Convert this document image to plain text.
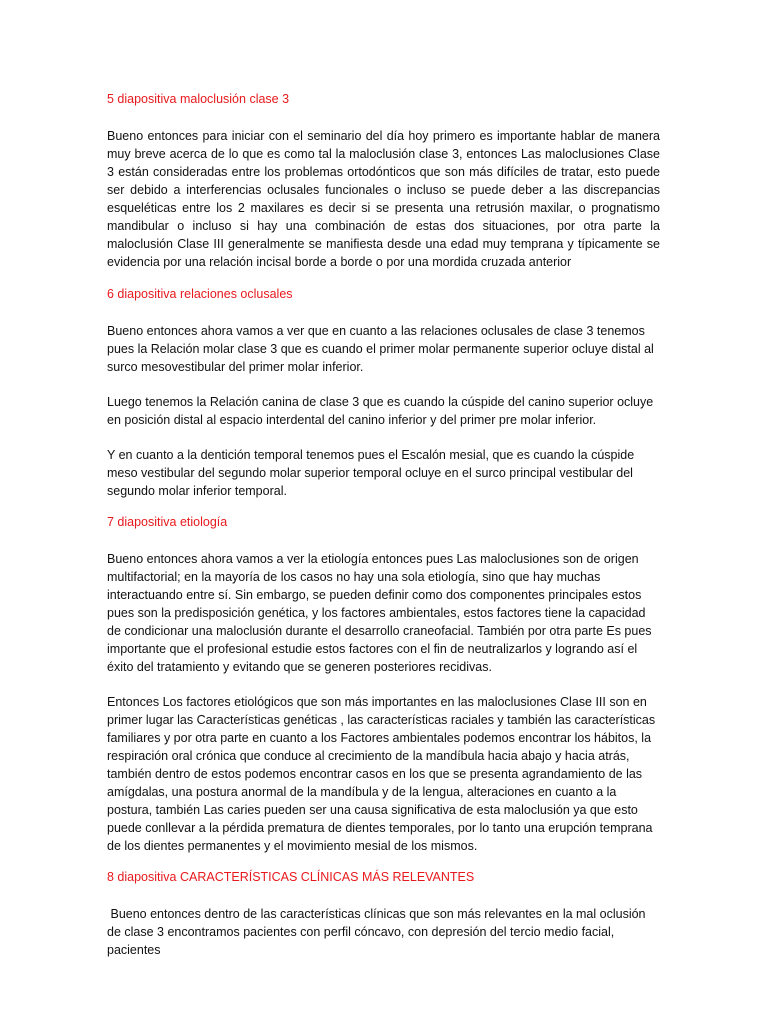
5 diapositiva maloclusión clase 3
Bueno entonces para iniciar con el seminario del día hoy primero es importante hablar de manera muy breve acerca de lo que es como tal la maloclusión clase 3, entonces Las maloclusiones Clase 3 están consideradas entre los problemas ortodónticos que son más difíciles de tratar, esto puede ser debido a interferencias oclusales funcionales o incluso se puede deber a las discrepancias esqueléticas entre los 2 maxilares es decir si se presenta una retrusión maxilar, o prognatismo mandibular o incluso si hay una combinación de estas dos situaciones, por otra parte la maloclusión Clase III generalmente se manifiesta desde una edad muy temprana y típicamente se evidencia por una relación incisal borde a borde o por una mordida cruzada anterior
6 diapositiva relaciones oclusales
Bueno entonces ahora vamos a ver que en cuanto a las relaciones oclusales de clase 3 tenemos pues la Relación molar clase 3 que es cuando el primer molar permanente superior ocluye distal al surco mesovestibular del primer molar inferior.
Luego tenemos la Relación canina de clase 3 que es cuando la cúspide del canino superior ocluye en posición distal al espacio interdental del canino inferior y del primer pre molar inferior.
Y en cuanto a la dentición temporal tenemos pues el Escalón mesial, que es cuando la cúspide meso vestibular del segundo molar superior temporal ocluye en el surco principal vestibular del segundo molar inferior temporal.
7 diapositiva etiología
Bueno entonces ahora vamos a ver la etiología entonces pues Las maloclusiones son de origen multifactorial; en la mayoría de los casos no hay una sola etiología, sino que hay muchas interactuando entre sí. Sin embargo, se pueden definir como dos componentes principales estos pues son la predisposición genética, y los factores ambientales, estos factores tiene la capacidad de condicionar una maloclusión durante el desarrollo craneofacial. También por otra parte Es pues importante que el profesional estudie estos factores con el fin de neutralizarlos y logrando así el éxito del tratamiento y evitando que se generen posteriores recidivas.
Entonces Los factores etiológicos que son más importantes en las maloclusiones Clase III son en primer lugar las Características genéticas , las características raciales y también las características familiares y por otra parte en cuanto a los Factores ambientales podemos encontrar los hábitos, la respiración oral crónica que conduce al crecimiento de la mandíbula hacia abajo y hacia atrás, también dentro de estos podemos encontrar casos en los que se presenta agrandamiento de las amígdalas, una postura anormal de la mandíbula y de la lengua, alteraciones en cuanto a la postura, también Las caries pueden ser una causa significativa de esta maloclusión ya que esto puede conllevar a la pérdida prematura de dientes temporales, por lo tanto una erupción temprana de los dientes permanentes y el movimiento mesial de los mismos.
8 diapositiva CARACTERÍSTICAS CLÍNICAS MÁS RELEVANTES
Bueno entonces dentro de las características clínicas que son más relevantes en la mal oclusión de clase 3 encontramos pacientes con perfil cóncavo, con depresión del tercio medio facial, pacientes
